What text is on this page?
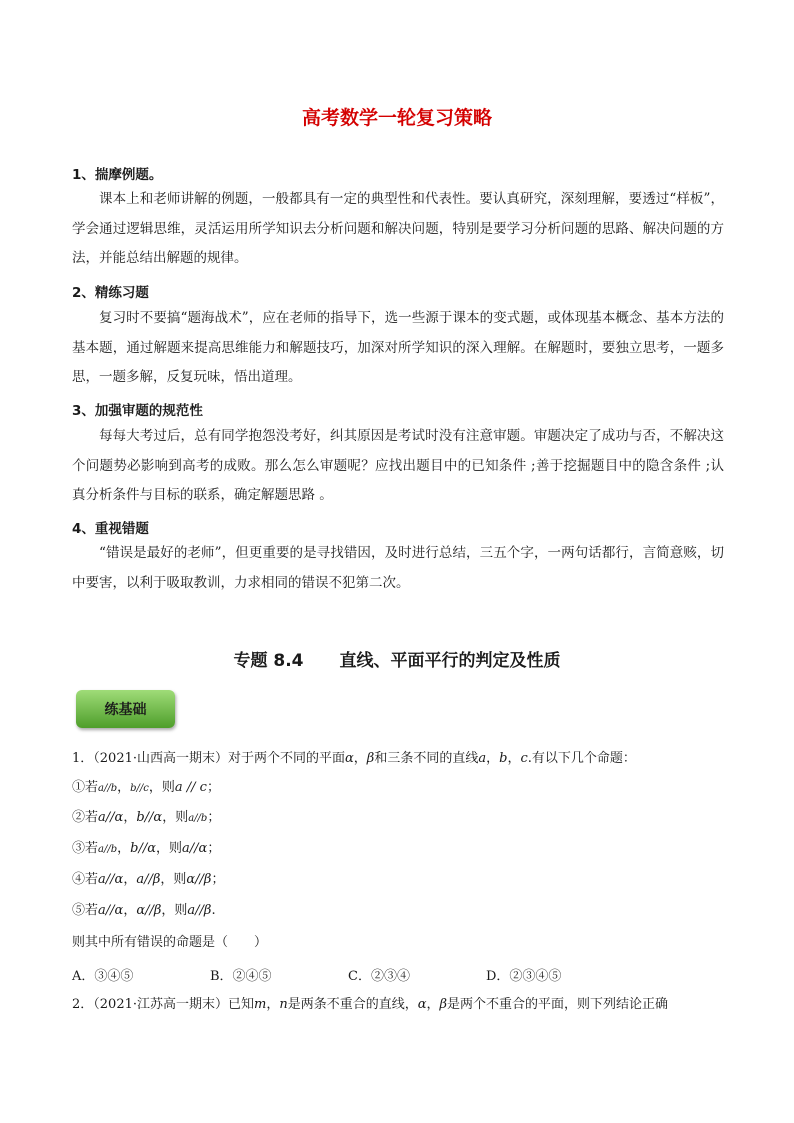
高考数学一轮复习策略
1、揣摩例题。
课本上和老师讲解的例题，一般都具有一定的典型性和代表性。要认真研究，深刻理解，要透过“样板”，学会通过逻辑思维，灵活运用所学知识去分析问题和解决问题，特别是要学习分析问题的思路、解决问题的方法，并能总结出解题的规律。
2、精练习题
复习时不要搞“题海战术”，应在老师的指导下，选一些源于课本的变式题，或体现基本概念、基本方法的基本题，通过解题来提高思维能力和解题技巧，加深对所学知识的深入理解。在解题时，要独立思考，一题多思，一题多解，反复玩味，悟出道理。
3、加强审题的规范性
每每大考过后，总有同学抱怨没考好，纠其原因是考试时没有注意审题。审题决定了成功与否，不解决这个问题势必影响到高考的成败。那么怎么审题呢？应找出题目中的已知条件 ;善于挖掘题目中的隐含条件 ;认真分析条件与目标的联系，确定解题思路 。
4、重视错题
“错误是最好的老师”，但更重要的是寻找错因，及时进行总结，三五个字，一两句话都行，言简意赅，切中要害，以利于吸取教训，力求相同的错误不犯第二次。
专题 8.4 直线、平面平行的判定及性质
练基础
1．（2021·山西高一期末）对于两个不同的平面α，β和三条不同的直线a，b，c.有以下几个命题：
①若a//b，b//c，则a // c；
②若a//α，b//α，则a//b；
③若a//b，b//α，则a//α；
④若a//α，a//β，则α//β；
⑤若a//α，α//β，则a//β.
则其中所有错误的命题是（　　）
A．③④⑤	B．②④⑤	C．②③④	D．②③④⑤
2．（2021·江苏高一期末）已知m，n是两条不重合的直线，α，β是两个不重合的平面，则下列结论正确
